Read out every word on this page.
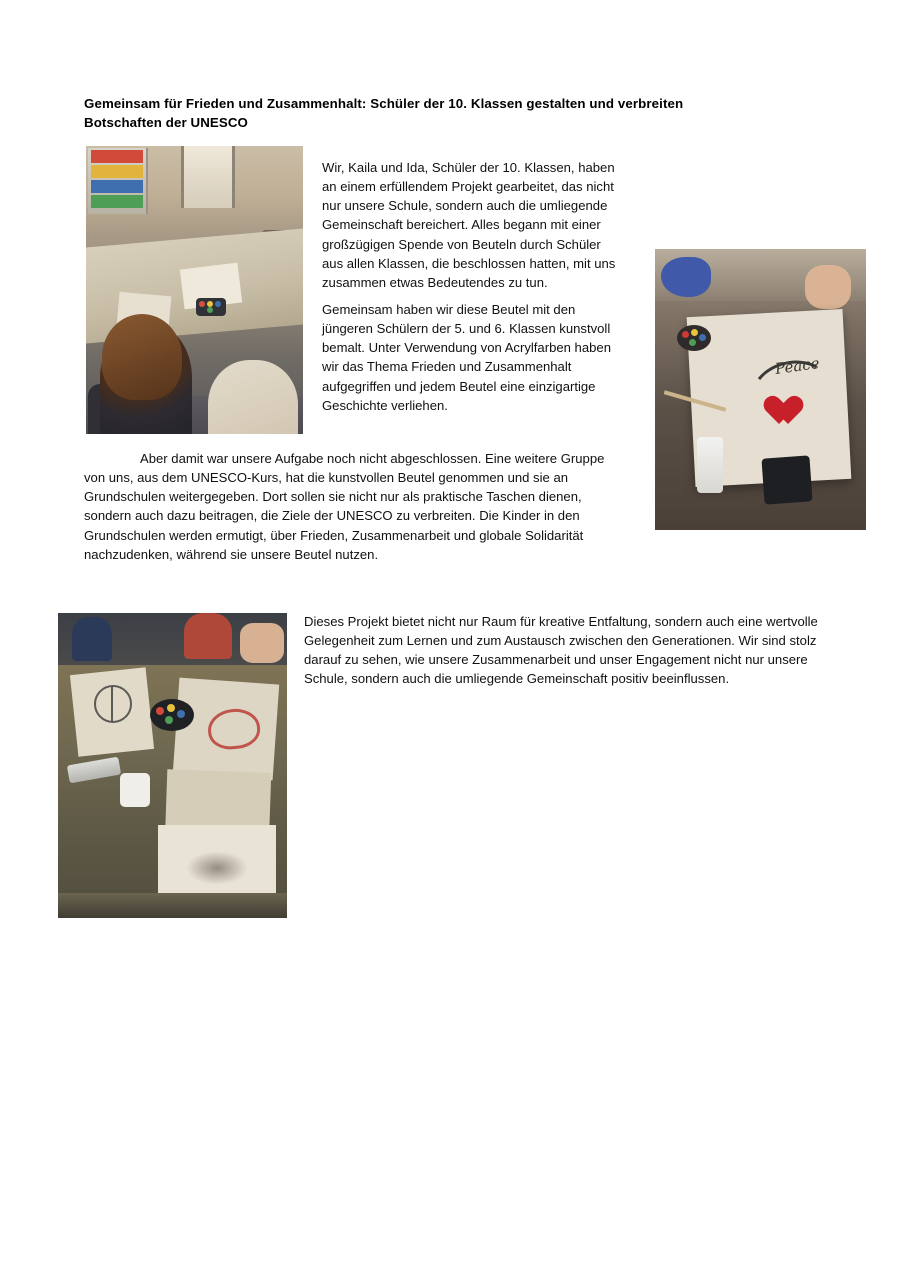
Gemeinsam für Frieden und Zusammenhalt: Schüler der 10. Klassen gestalten und verbreiten Botschaften der UNESCO
Peace

Wir, Kaila und Ida, Schüler der 10. Klassen, haben an einem erfüllendem Projekt gearbeitet, das nicht nur unsere Schule, sondern auch die umliegende Gemeinschaft bereichert. Alles begann mit einer großzügigen Spende von Beuteln durch Schüler aus allen Klassen, die beschlossen hatten, mit uns zusammen etwas Bedeutendes zu tun.

Gemeinsam haben wir diese Beutel mit den jüngeren Schülern der 5. und 6. Klassen kunstvoll bemalt. Unter Verwendung von Acrylfarben haben wir das Thema Frieden und Zusammenhalt aufgegriffen und jedem Beutel eine einzigartige Geschichte verliehen.

Aber damit war unsere Aufgabe noch nicht abgeschlossen. Eine weitere Gruppe von uns, aus dem UNESCO-Kurs, hat die kunstvollen Beutel genommen und sie an Grundschulen weitergegeben. Dort sollen sie nicht nur als praktische Taschen dienen, sondern auch dazu beitragen, die Ziele der UNESCO zu verbreiten. Die Kinder in den Grundschulen werden ermutigt, über Frieden, Zusammenarbeit und globale Solidarität nachzudenken, während sie unsere Beutel nutzen.

Dieses Projekt bietet nicht nur Raum für kreative Entfaltung, sondern auch eine wertvolle Gelegenheit zum Lernen und zum Austausch zwischen den Generationen. Wir sind stolz darauf zu sehen, wie unsere Zusammenarbeit und unser Engagement nicht nur unsere Schule, sondern auch die umliegende Gemeinschaft positiv beeinflussen.
